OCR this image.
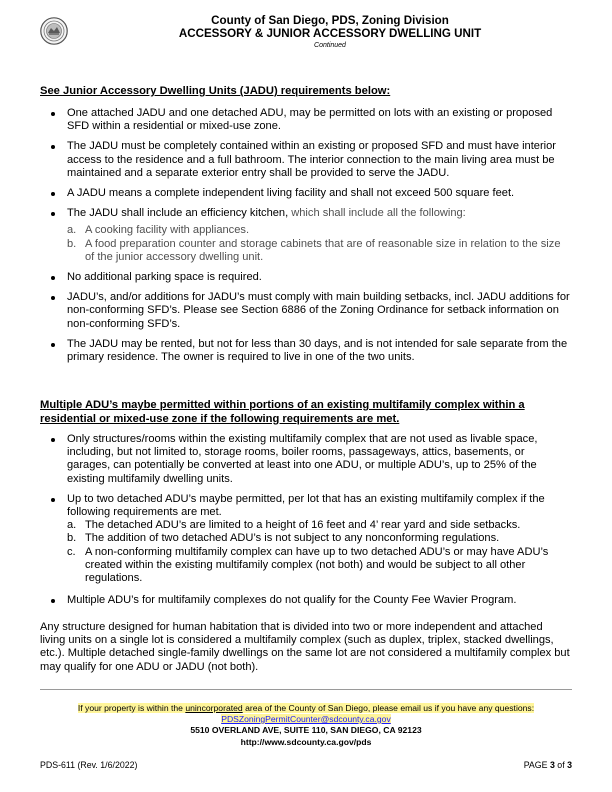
County of San Diego, PDS, Zoning Division
ACCESSORY & JUNIOR ACCESSORY DWELLING UNIT
Continued
See Junior Accessory Dwelling Units (JADU) requirements below:
One attached JADU and one detached ADU, may be permitted on lots with an existing or proposed SFD within a residential or mixed-use zone.
The JADU must be completely contained within an existing or proposed SFD and must have interior access to the residence and a full bathroom. The interior connection to the main living area must be maintained and a separate exterior entry shall be provided to serve the JADU.
A JADU means a complete independent living facility and shall not exceed 500 square feet.
The JADU shall include an efficiency kitchen, which shall include all the following:
a. A cooking facility with appliances.
b. A food preparation counter and storage cabinets that are of reasonable size in relation to the size of the junior accessory dwelling unit.
No additional parking space is required.
JADU’s, and/or additions for JADU’s must comply with main building setbacks, incl. JADU additions for non-conforming SFD’s. Please see Section 6886 of the Zoning Ordinance for setback information on non-conforming SFD’s.
The JADU may be rented, but not for less than 30 days, and is not intended for sale separate from the primary residence. The owner is required to live in one of the two units.
Multiple ADU’s maybe permitted within portions of an existing multifamily complex within a residential or mixed-use zone if the following requirements are met.
Only structures/rooms within the existing multifamily complex that are not used as livable space, including, but not limited to, storage rooms, boiler rooms, passageways, attics, basements, or garages, can potentially be converted at least into one ADU, or multiple ADU’s, up to 25% of the existing multifamily dwelling units.
Up to two detached ADU’s maybe permitted, per lot that has an existing multifamily complex if the following requirements are met.
a. The detached ADU’s are limited to a height of 16 feet and 4’ rear yard and side setbacks.
b. The addition of two detached ADU’s is not subject to any nonconforming regulations.
c. A non-conforming multifamily complex can have up to two detached ADU’s or may have ADU’s created within the existing multifamily complex (not both) and would be subject to all other regulations.
Multiple ADU’s for multifamily complexes do not qualify for the County Fee Wavier Program.
Any structure designed for human habitation that is divided into two or more independent and attached living units on a single lot is considered a multifamily complex (such as duplex, triplex, stacked dwellings, etc.). Multiple detached single-family dwellings on the same lot are not considered a multifamily complex but may qualify for one ADU or JADU (not both).
If your property is within the unincorporated area of the County of San Diego, please email us if you have any questions:
PDSZoningPermitCounter@sdcounty.ca.gov
5510 OVERLAND AVE, SUITE 110, SAN DIEGO, CA 92123
http://www.sdcounty.ca.gov/pds
PDS-611 (Rev. 1/6/2022)	PAGE 3 of 3
